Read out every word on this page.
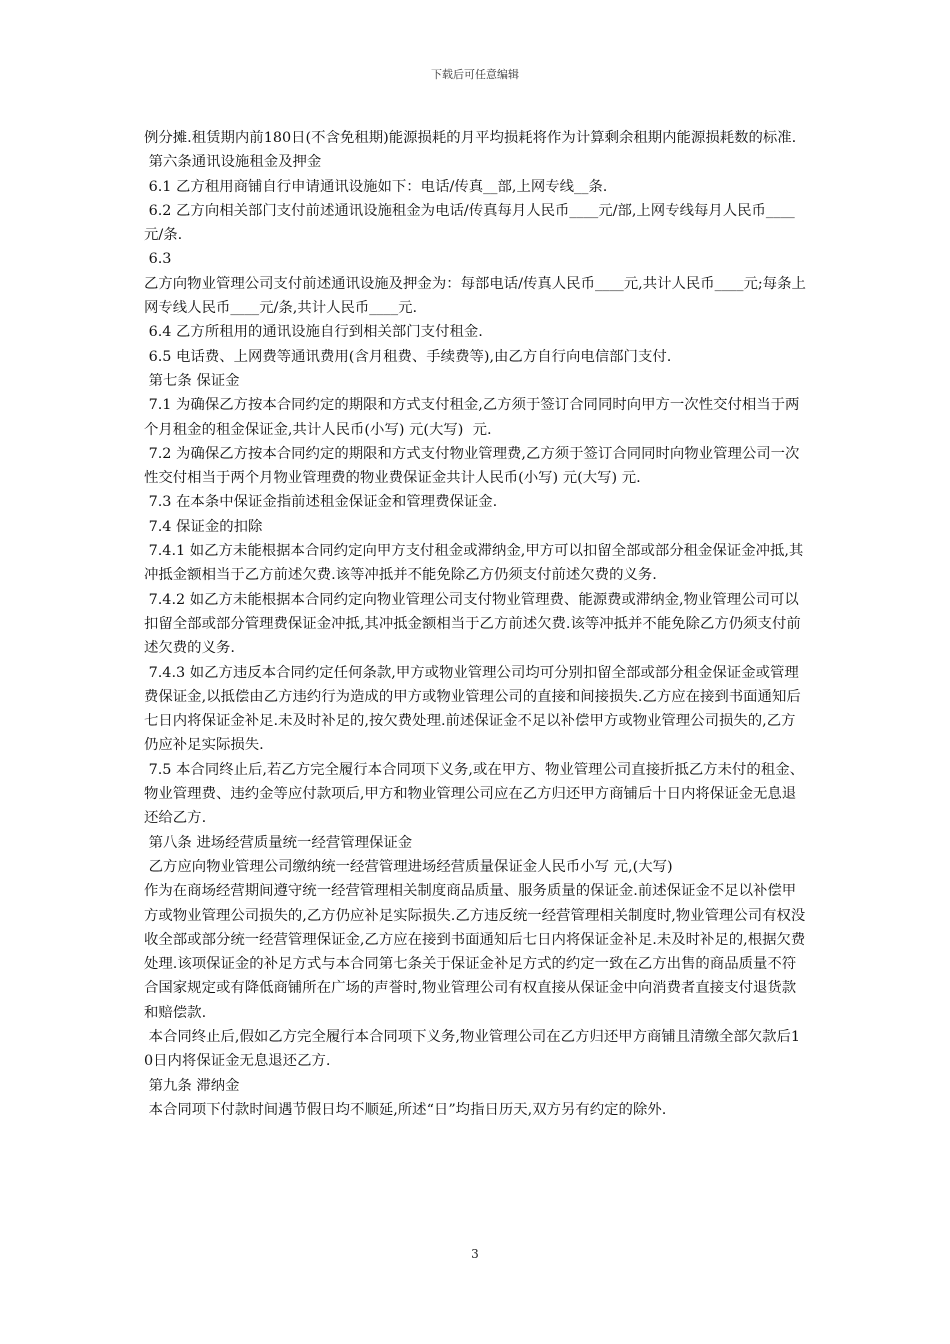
下载后可任意编辑

例分摊.租赁期内前180日(不含免租期)能源损耗的月平均损耗将作为计算剩余租期内能源损耗数的标准.

第六条通讯设施租金及押金

6.1 乙方租用商铺自行申请通讯设施如下：电话/传真__部,上网专线__条.

6.2 乙方向相关部门支付前述通讯设施租金为电话/传真每月人民币____元/部,上网专线每月人民币____元/条.

6.3

乙方向物业管理公司支付前述通讯设施及押金为：每部电话/传真人民币____元,共计人民币____元;每条上网专线人民币____元/条,共计人民币____元.

6.4 乙方所租用的通讯设施自行到相关部门支付租金.

6.5 电话费、上网费等通讯费用(含月租费、手续费等),由乙方自行向电信部门支付.

第七条 保证金

7.1 为确保乙方按本合同约定的期限和方式支付租金,乙方须于签订合同同时向甲方一次性交付相当于两个月租金的租金保证金,共计人民币(小写) 元(大写)  元.

7.2 为确保乙方按本合同约定的期限和方式支付物业管理费,乙方须于签订合同同时向物业管理公司一次性交付相当于两个月物业管理费的物业费保证金共计人民币(小写) 元(大写) 元.

7.3 在本条中保证金指前述租金保证金和管理费保证金.

7.4 保证金的扣除

7.4.1 如乙方未能根据本合同约定向甲方支付租金或滞纳金,甲方可以扣留全部或部分租金保证金冲抵,其冲抵金额相当于乙方前述欠费.该等冲抵并不能免除乙方仍须支付前述欠费的义务.

7.4.2 如乙方未能根据本合同约定向物业管理公司支付物业管理费、能源费或滞纳金,物业管理公司可以扣留全部或部分管理费保证金冲抵,其冲抵金额相当于乙方前述欠费.该等冲抵并不能免除乙方仍须支付前述欠费的义务.

7.4.3 如乙方违反本合同约定任何条款,甲方或物业管理公司均可分别扣留全部或部分租金保证金或管理费保证金,以抵偿由乙方违约行为造成的甲方或物业管理公司的直接和间接损失.乙方应在接到书面通知后七日内将保证金补足.未及时补足的,按欠费处理.前述保证金不足以补偿甲方或物业管理公司损失的,乙方仍应补足实际损失.

7.5 本合同终止后,若乙方完全履行本合同项下义务,或在甲方、物业管理公司直接折抵乙方未付的租金、物业管理费、违约金等应付款项后,甲方和物业管理公司应在乙方归还甲方商铺后十日内将保证金无息退还给乙方.

第八条 进场经营质量统一经营管理保证金

乙方应向物业管理公司缴纳统一经营管理进场经营质量保证金人民币小写 元,(大写)

作为在商场经营期间遵守统一经营管理相关制度商品质量、服务质量的保证金.前述保证金不足以补偿甲方或物业管理公司损失的,乙方仍应补足实际损失.乙方违反统一经营管理相关制度时,物业管理公司有权没收全部或部分统一经营管理保证金,乙方应在接到书面通知后七日内将保证金补足.未及时补足的,根据欠费处理.该项保证金的补足方式与本合同第七条关于保证金补足方式的约定一致在乙方出售的商品质量不符合国家规定或有降低商铺所在广场的声誉时,物业管理公司有权直接从保证金中向消费者直接支付退货款和赔偿款.

本合同终止后,假如乙方完全履行本合同项下义务,物业管理公司在乙方归还甲方商铺且清缴全部欠款后10日内将保证金无息退还乙方.

第九条 滞纳金

本合同项下付款时间遇节假日均不顺延,所述“日”均指日历天,双方另有约定的除外.

3
